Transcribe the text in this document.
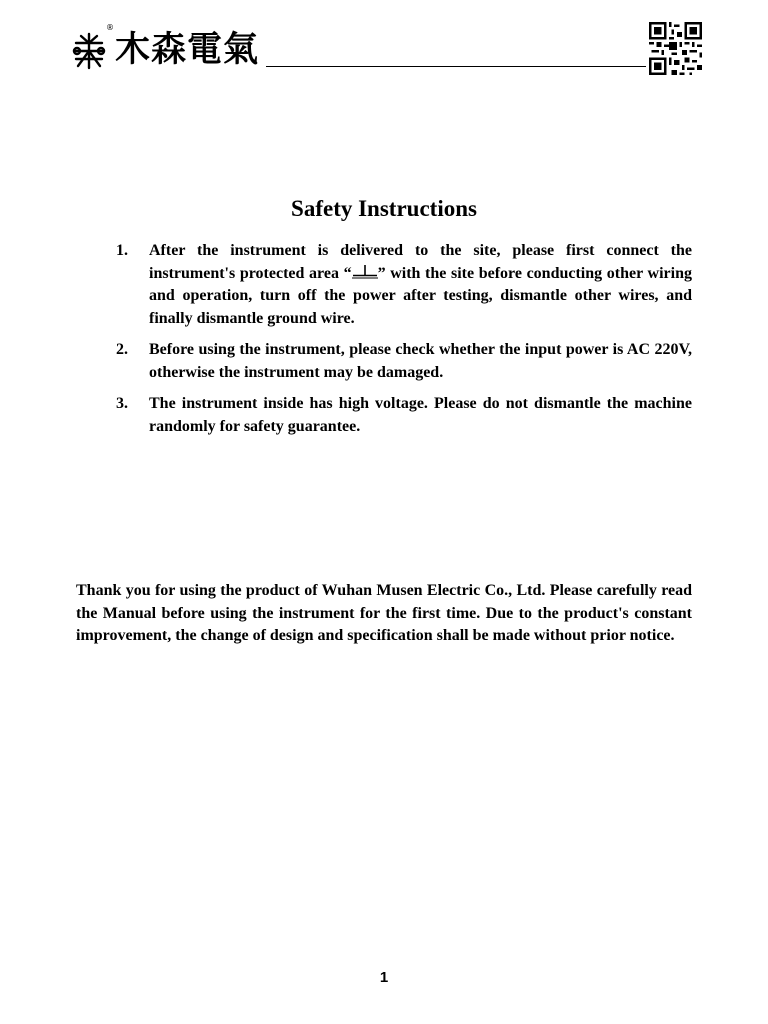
®
木森電氣
Safety Instructions
1. After the instrument is delivered to the site, please first connect the instrument's protected area “ ” with the site before conducting other wiring and operation, turn off the power after testing, dismantle other wires, and finally dismantle ground wire.
2. Before using the instrument, please check whether the input power is AC 220V, otherwise the instrument may be damaged.
3. The instrument inside has high voltage. Please do not dismantle the machine randomly for safety guarantee.

Thank you for using the product of Wuhan Musen Electric Co., Ltd. Please carefully read the Manual before using the instrument for the first time. Due to the product's constant improvement, the change of design and specification shall be made without prior notice.

1
